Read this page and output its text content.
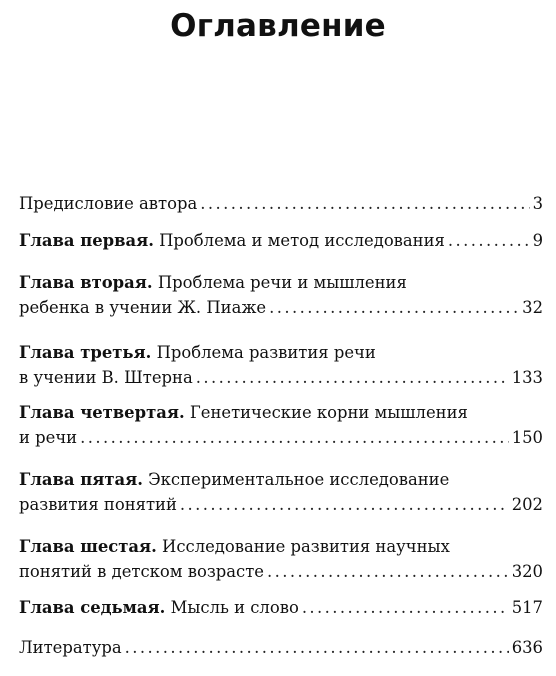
Оглавление
Предисловие автора . . .	3
Глава первая.
Проблема и метод исследования . . .	9
Глава вторая.
Проблема речи и мышления
ребенка в учении Ж. Пиаже . . .	32
Глава третья.
Проблема развития речи
в учении В. Штерна . . .	133
Глава четвертая.
Генетические корни мышления
и речи . . .	150
Глава пятая.
Экспериментальное исследование
развития понятий . . .	202
Глава шестая.
Исследование развития научных
понятий в детском возрасте . . .	320
Глава седьмая.
Мысль и слово . . .	517
Литература . . .	636
